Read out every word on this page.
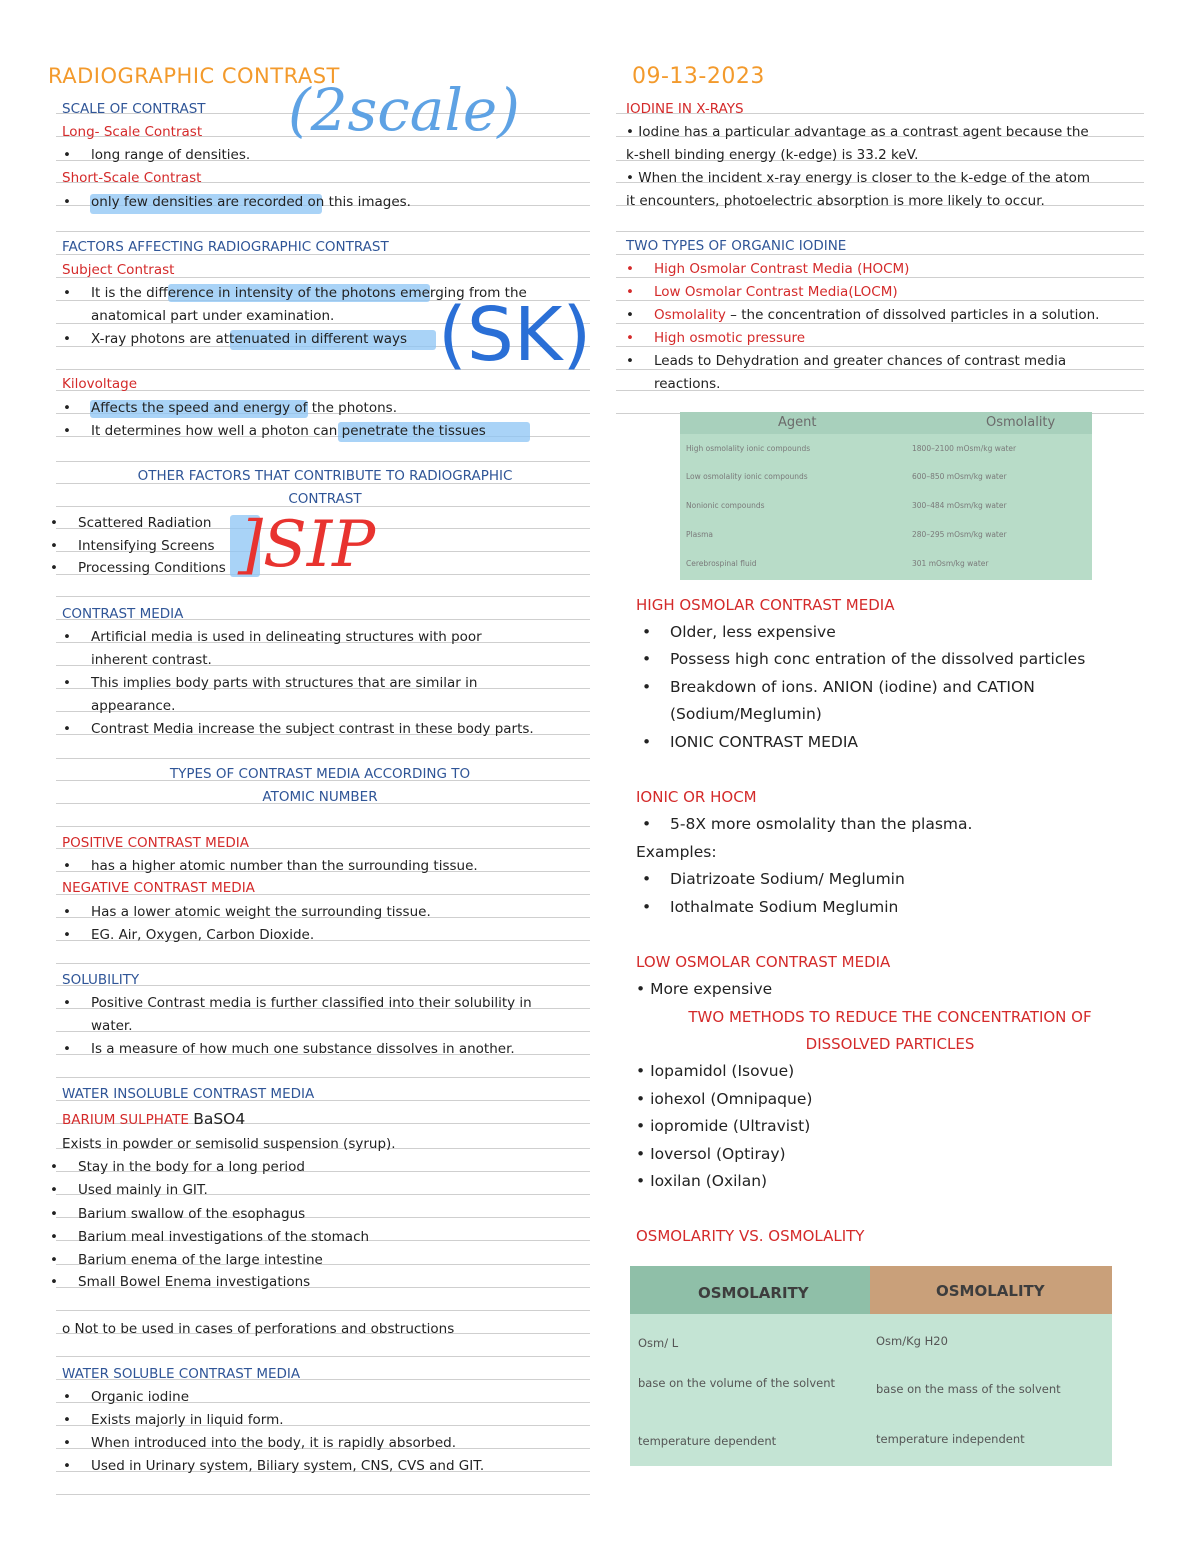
RADIOGRAPHIC CONTRAST	09-13-2023
(2scale)
(SK)
]SIP
SCALE OF CONTRAST
Long- Scale Contrast
• long range of densities.
Short-Scale Contrast
• only few densities are recorded on this images.
FACTORS AFFECTING RADIOGRAPHIC CONTRAST
Subject Contrast
• It is the difference in intensity of the photons emerging from the
anatomical part under examination.
• X-ray photons are attenuated in different ways
Kilovoltage
• Affects the speed and energy of the photons.
• It determines how well a photon can penetrate the tissues
OTHER FACTORS THAT CONTRIBUTE TO RADIOGRAPHIC
CONTRAST
• Scattered Radiation
• Intensifying Screens
• Processing Conditions
CONTRAST MEDIA
• Artificial media is used in delineating structures with poor
inherent contrast.
• This implies body parts with structures that are similar in
appearance.
• Contrast Media increase the subject contrast in these body parts.
TYPES OF CONTRAST MEDIA ACCORDING TO
ATOMIC NUMBER
POSITIVE CONTRAST MEDIA
• has a higher atomic number than the surrounding tissue.
NEGATIVE CONTRAST MEDIA
• Has a lower atomic weight the surrounding tissue.
• EG. Air, Oxygen, Carbon Dioxide.
SOLUBILITY
• Positive Contrast media is further classified into their solubility in
water.
• Is a measure of how much one substance dissolves in another.
WATER INSOLUBLE CONTRAST MEDIA
BARIUM SULPHATE BaSO4
Exists in powder or semisolid suspension (syrup).
• Stay in the body for a long period
• Used mainly in GIT.
• Barium swallow of the esophagus
• Barium meal investigations of the stomach
• Barium enema of the large intestine
• Small Bowel Enema investigations
o Not to be used in cases of perforations and obstructions
WATER SOLUBLE CONTRAST MEDIA
• Organic iodine
• Exists majorly in liquid form.
• When introduced into the body, it is rapidly absorbed.
• Used in Urinary system, Biliary system, CNS, CVS and GIT.
IODINE IN X-RAYS
• Iodine has a particular advantage as a contrast agent because the
k-shell binding energy (k-edge) is 33.2 keV.
• When the incident x-ray energy is closer to the k-edge of the atom
it encounters, photoelectric absorption is more likely to occur.
TWO TYPES OF ORGANIC IODINE
• High Osmolar Contrast Media (HOCM)
• Low Osmolar Contrast Media(LOCM)
• Osmolality – the concentration of dissolved particles in a solution.
• High osmotic pressure
• Leads to Dehydration and greater chances of contrast media
reactions.
Agent	Osmolality
High osmolality ionic compounds	1800–2100 mOsm/kg water
Low osmolality ionic compounds	600–850 mOsm/kg water
Nonionic compounds	300–484 mOsm/kg water
Plasma	280–295 mOsm/kg water
Cerebrospinal fluid	301 mOsm/kg water
HIGH OSMOLAR CONTRAST MEDIA
• Older, less expensive
• Possess high conc entration of the dissolved particles
• Breakdown of ions. ANION (iodine) and CATION
(Sodium/Meglumin)
• IONIC CONTRAST MEDIA
IONIC OR HOCM
• 5-8X more osmolality than the plasma.
Examples:
• Diatrizoate Sodium/ Meglumin
• Iothalmate Sodium Meglumin
LOW OSMOLAR CONTRAST MEDIA
• More expensive
TWO METHODS TO REDUCE THE CONCENTRATION OF
DISSOLVED PARTICLES
• Iopamidol (Isovue)
• iohexol (Omnipaque)
• iopromide (Ultravist)
• Ioversol (Optiray)
• Ioxilan (Oxilan)
OSMOLARITY VS. OSMOLALITY
OSMOLARITY	OSMOLALITY
Osm/ L	Osm/Kg H20
base on the volume of the solvent	base on the mass of the solvent
temperature dependent	temperature independent
